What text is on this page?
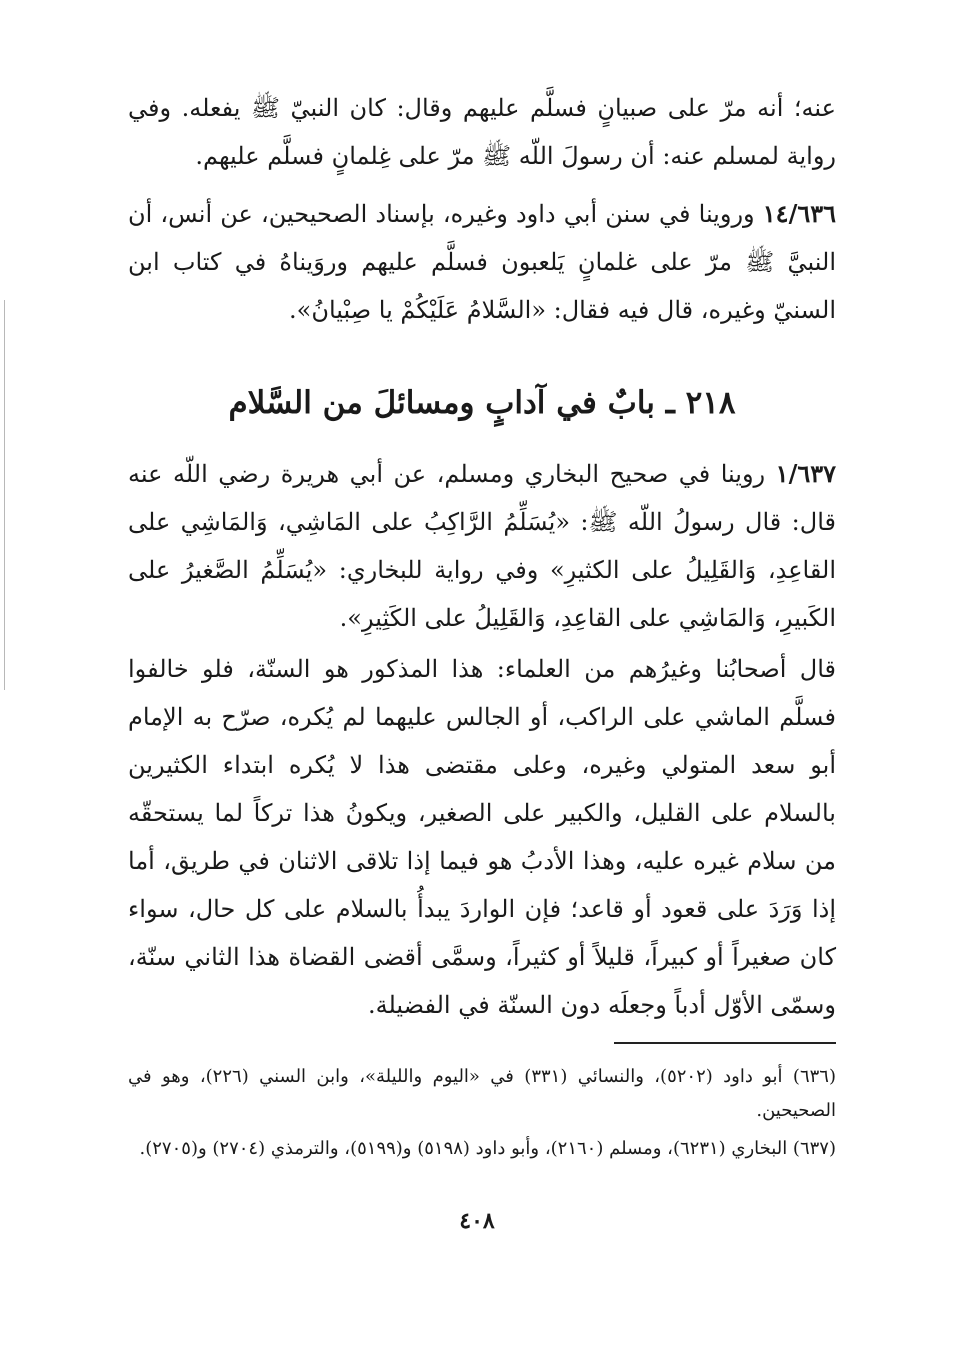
عنه؛ أنه مرّ على صبيانٍ فسلَّم عليهم وقال: كان النبيّ ﷺ يفعله. وفي رواية لمسلم عنه: أن رسولَ اللّه ﷺ مرّ على غِلمانٍ فسلَّم عليهم.

١٤/٦٣٦ وروينا في سنن أبي داود وغيره، بإسناد الصحيحين، عن أنس، أن النبيَّ ﷺ مرّ على غلمانٍ يَلعبون فسلَّم عليهم وروَيناهُ في كتاب ابن السنيّ وغيره، قال فيه فقال: «السَّلامُ عَلَيْكُمْ يا صِبْيانُ».

٢١٨ ـ بابٌ في آدابٍ ومسائلَ من السَّلام

١/٦٣٧ روينا في صحيح البخاري ومسلم، عن أبي هريرة رضي اللّه عنه قال: قال رسولُ اللّه ﷺ: «يُسَلِّمُ الرَّاكِبُ على المَاشِي، وَالمَاشِي على القاعِدِ، وَالقَلِيلُ على الكثيرِ» وفي رواية للبخاري: «يُسَلِّمُ الصَّغيرُ على الكَبيرِ، وَالمَاشِي على القاعِدِ، وَالقَلِيلُ على الكَثِيرِ».

قال أصحابُنا وغيرُهم من العلماء: هذا المذكور هو السنّة، فلو خالفوا فسلَّم الماشي على الراكب، أو الجالس عليهما لم يُكره، صرّح به الإمام أبو سعد المتولي وغيره، وعلى مقتضى هذا لا يُكره ابتداء الكثيرين بالسلام على القليل، والكبير على الصغير، ويكونُ هذا تركاً لما يستحقّه من سلام غيره عليه، وهذا الأدبُ هو فيما إذا تلاقى الاثنان في طريق، أما إذا وَرَدَ على قعود أو قاعد؛ فإن الواردَ يبدأُ بالسلام على كل حال، سواء كان صغيراً أو كبيراً، قليلاً أو كثيراً، وسمَّى أقضى القضاة هذا الثاني سنّة، وسمّى الأوّل أدباً وجعلَه دون السنّة في الفضيلة.

(٦٣٦) أبو داود (٥٢٠٢)، والنسائي (٣٣١) في «اليوم والليلة»، وابن السني (٢٢٦)، وهو في الصحيحين.

(٦٣٧) البخاري (٦٢٣١)، ومسلم (٢١٦٠)، وأبو داود (٥١٩٨) و(٥١٩٩)، والترمذي (٢٧٠٤) و(٢٧٠٥).

٤٠٨
